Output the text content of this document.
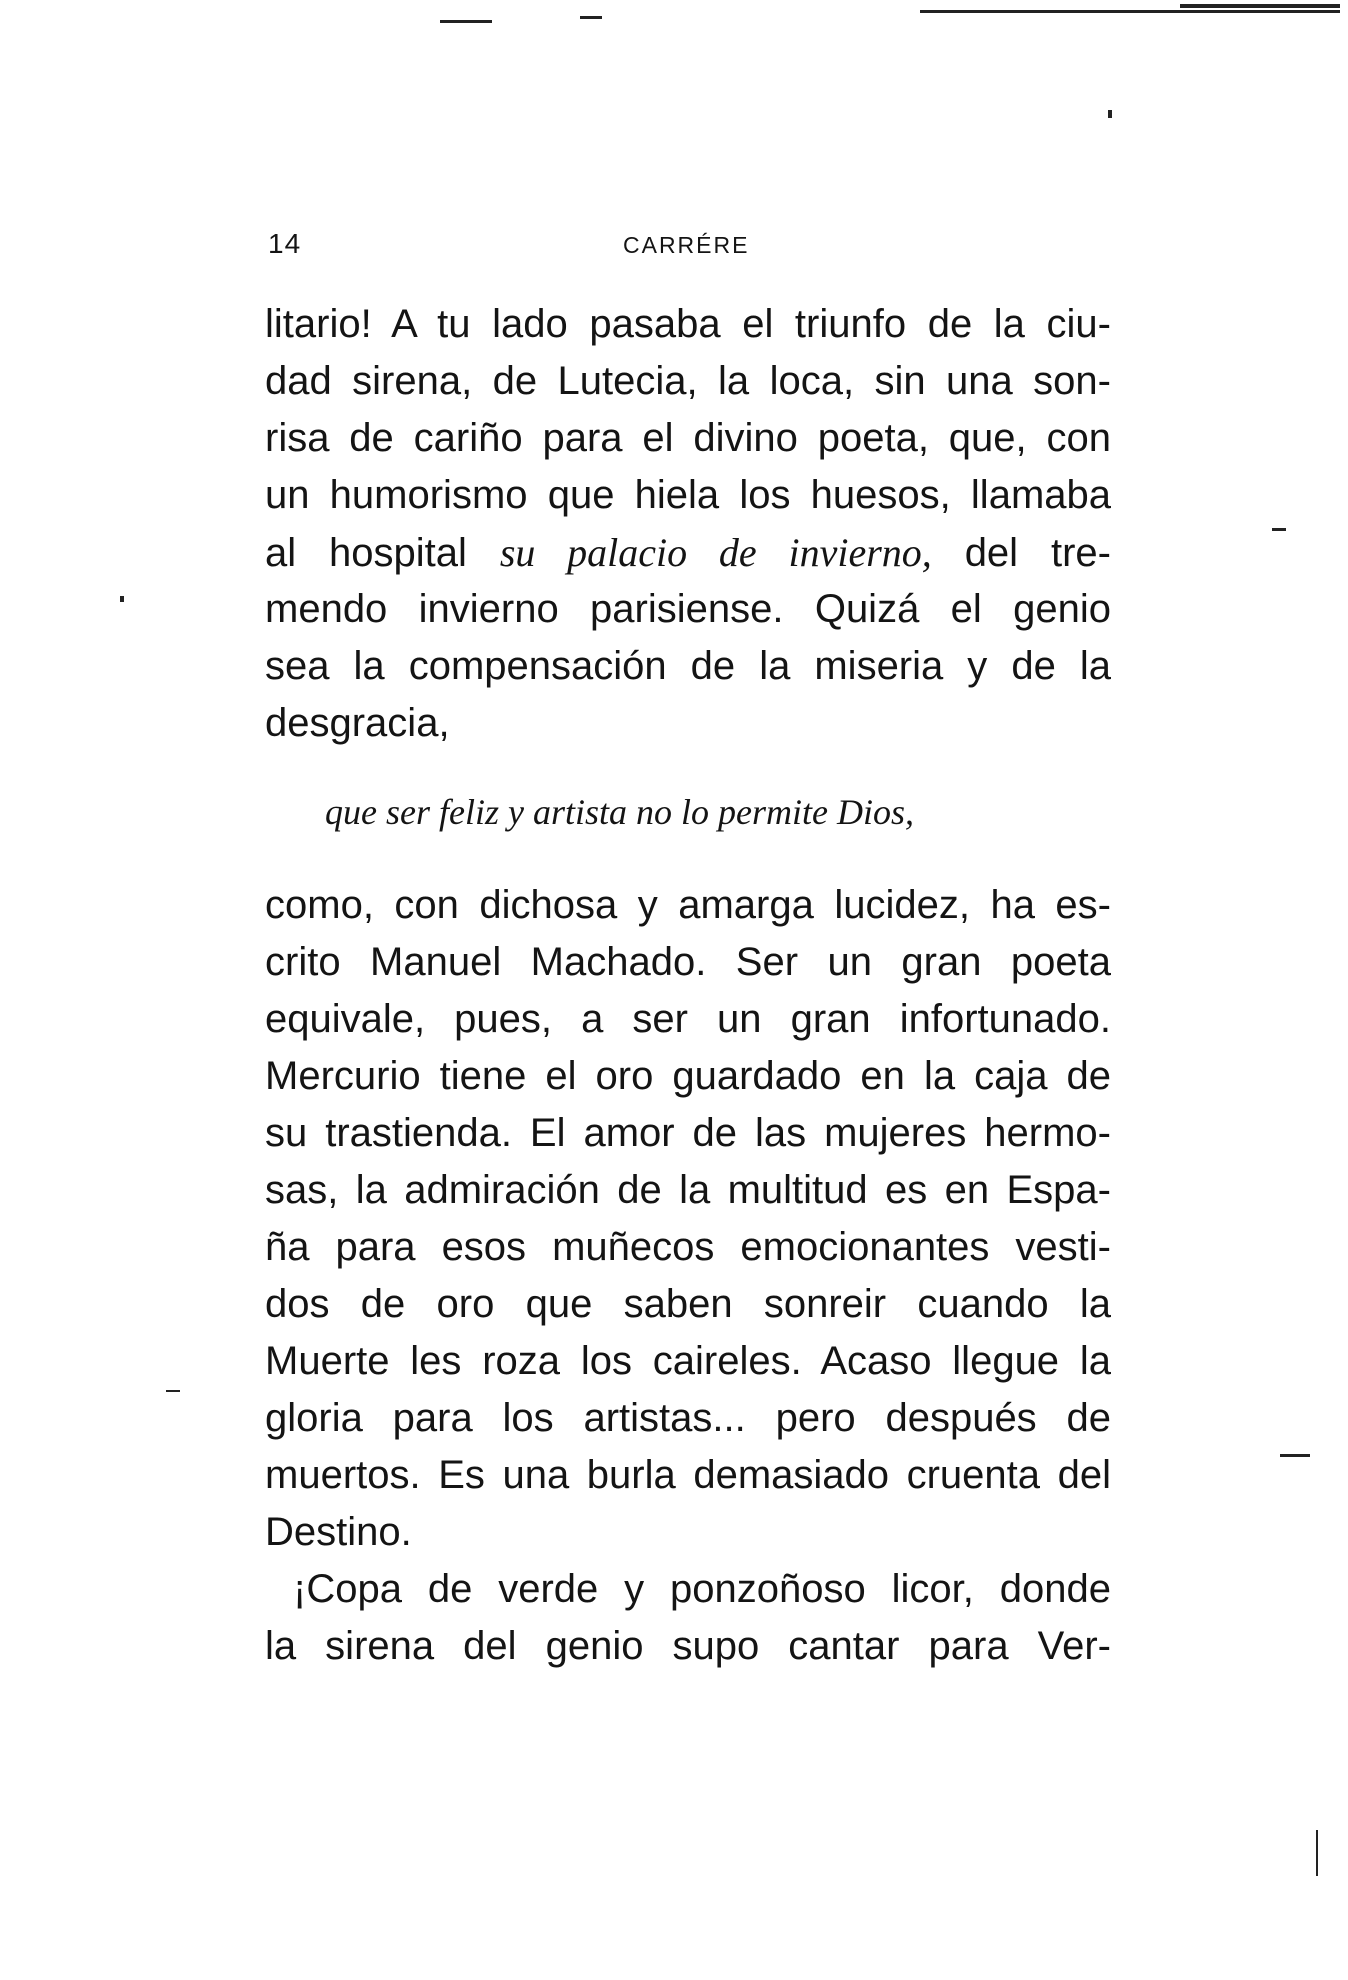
14	CARRÉRE
litario! A tu lado pasaba el triunfo de la ciu-
dad sirena, de Lutecia, la loca, sin una son-
risa de cariño para el divino poeta, que, con
un humorismo que hiela los huesos, llamaba
al hospital su palacio de invierno, del tre-
mendo invierno parisiense. Quizá el genio
sea la compensación de la miseria y de la
desgracia,
que ser feliz y artista no lo permite Dios,
como, con dichosa y amarga lucidez, ha es-
crito Manuel Machado. Ser un gran poeta
equivale, pues, a ser un gran infortunado.
Mercurio tiene el oro guardado en la caja de
su trastienda. El amor de las mujeres hermo-
sas, la admiración de la multitud es en Espa-
ña para esos muñecos emocionantes vesti-
dos de oro que saben sonreir cuando la
Muerte les roza los caireles. Acaso llegue la
gloria para los artistas... pero después de
muertos. Es una burla demasiado cruenta del
Destino.
¡Copa de verde y ponzoñoso licor, donde
la sirena del genio supo cantar para Ver-
